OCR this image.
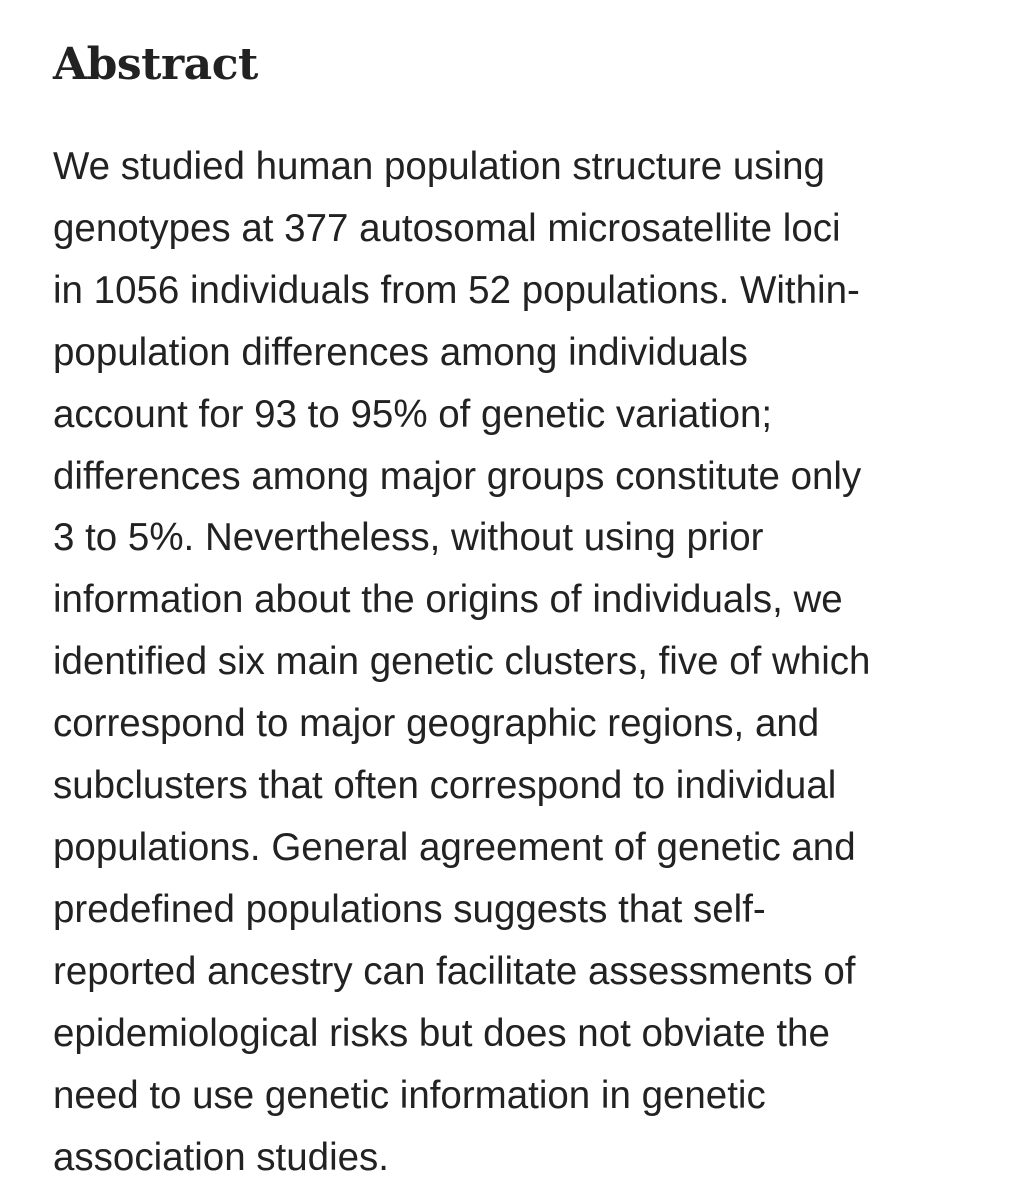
Abstract
We studied human population structure using
genotypes at 377 autosomal microsatellite loci
in 1056 individuals from 52 populations. Within-
population differences among individuals
account for 93 to 95% of genetic variation;
differences among major groups constitute only
3 to 5%. Nevertheless, without using prior
information about the origins of individuals, we
identified six main genetic clusters, five of which
correspond to major geographic regions, and
subclusters that often correspond to individual
populations. General agreement of genetic and
predefined populations suggests that self-
reported ancestry can facilitate assessments of
epidemiological risks but does not obviate the
need to use genetic information in genetic
association studies.
